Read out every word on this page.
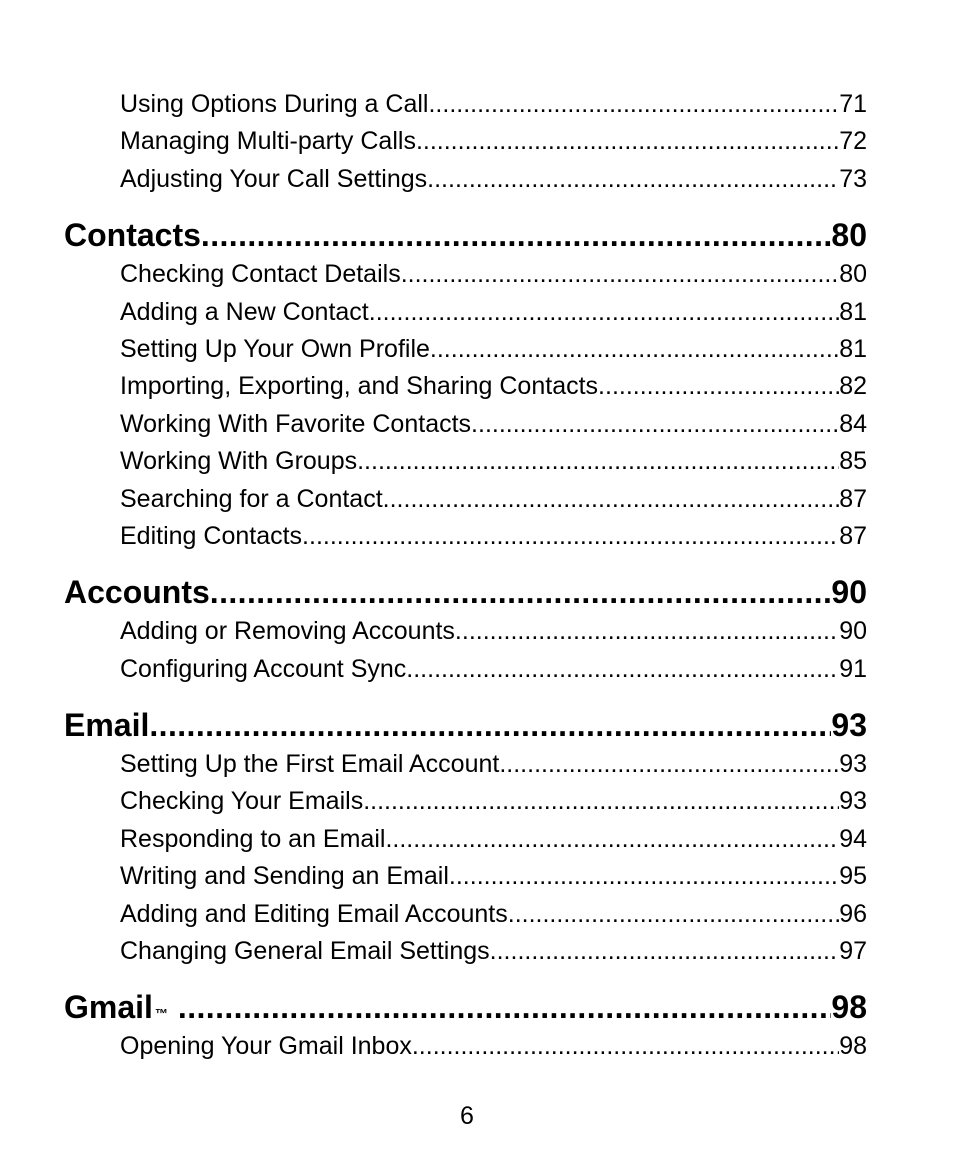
Using Options During a Call .....	71
Managing Multi-party Calls .....	72
Adjusting Your Call Settings .....	73
Contacts .....	80
Checking Contact Details .....	80
Adding a New Contact .....	81
Setting Up Your Own Profile .....	81
Importing, Exporting, and Sharing Contacts .....	82
Working With Favorite Contacts .....	84
Working With Groups .....	85
Searching for a Contact .....	87
Editing Contacts .....	87
Accounts .....	90
Adding or Removing Accounts .....	90
Configuring Account Sync .....	91
Email .....	93
Setting Up the First Email Account .....	93
Checking Your Emails .....	93
Responding to an Email .....	94
Writing and Sending an Email .....	95
Adding and Editing Email Accounts .....	96
Changing General Email Settings .....	97
Gmail$_™$ .....	98
Opening Your Gmail Inbox .....	98
6
